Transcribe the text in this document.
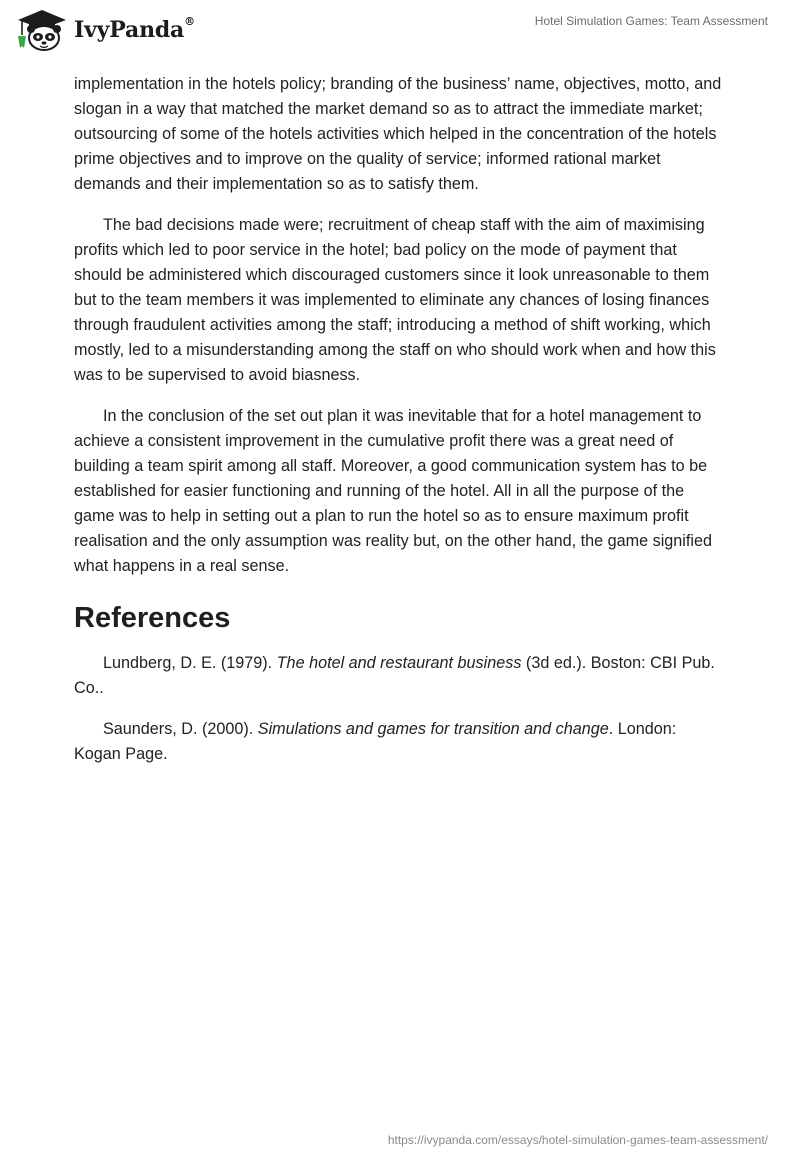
IvyPanda®	Hotel Simulation Games: Team Assessment

implementation in the hotels policy; branding of the business’ name, objectives, motto, and slogan in a way that matched the market demand so as to attract the immediate market; outsourcing of some of the hotels activities which helped in the concentration of the hotels prime objectives and to improve on the quality of service; informed rational market demands and their implementation so as to satisfy them.

The bad decisions made were; recruitment of cheap staff with the aim of maximising profits which led to poor service in the hotel; bad policy on the mode of payment that should be administered which discouraged customers since it look unreasonable to them but to the team members it was implemented to eliminate any chances of losing finances through fraudulent activities among the staff; introducing a method of shift working, which mostly, led to a misunderstanding among the staff on who should work when and how this was to be supervised to avoid biasness.

In the conclusion of the set out plan it was inevitable that for a hotel management to achieve a consistent improvement in the cumulative profit there was a great need of building a team spirit among all staff. Moreover, a good communication system has to be established for easier functioning and running of the hotel. All in all the purpose of the game was to help in setting out a plan to run the hotel so as to ensure maximum profit realisation and the only assumption was reality but, on the other hand, the game signified what happens in a real sense.

References

Lundberg, D. E. (1979). The hotel and restaurant business (3d ed.). Boston: CBI Pub. Co..

Saunders, D. (2000). Simulations and games for transition and change. London: Kogan Page.

https://ivypanda.com/essays/hotel-simulation-games-team-assessment/
